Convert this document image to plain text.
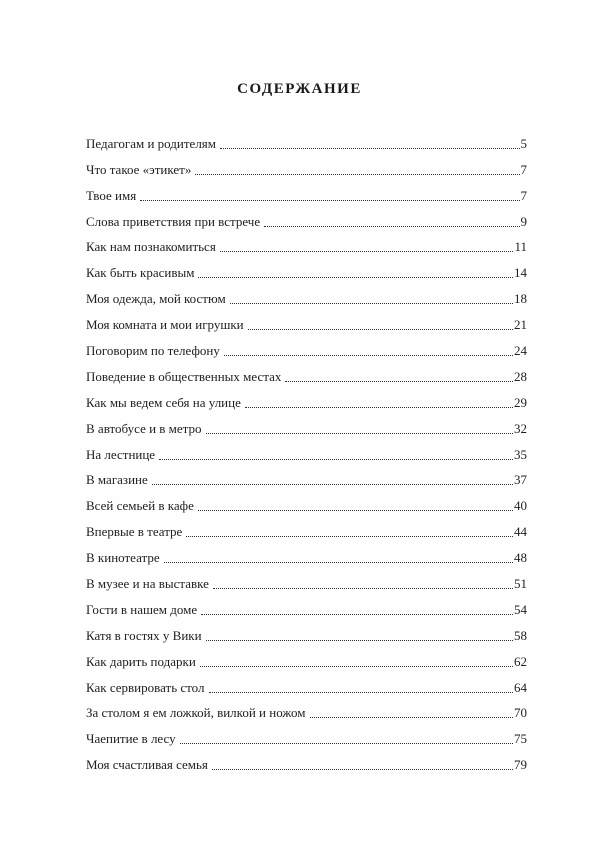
СОДЕРЖАНИЕ
Педагогам и родителям	5
Что такое «этикет»	7
Твое имя	7
Слова приветствия при встрече	9
Как нам познакомиться	11
Как быть красивым	14
Моя одежда, мой костюм	18
Моя комната и мои игрушки	21
Поговорим по телефону	24
Поведение в общественных местах	28
Как мы ведем себя на улице	29
В автобусе и в метро	32
На лестнице	35
В магазине	37
Всей семьей в кафе	40
Впервые в театре	44
В кинотеатре	48
В музее и на выставке	51
Гости в нашем доме	54
Катя в гостях у Вики	58
Как дарить подарки	62
Как сервировать стол	64
За столом я ем ложкой, вилкой и ножом	70
Чаепитие в лесу	75
Моя счастливая семья	79
